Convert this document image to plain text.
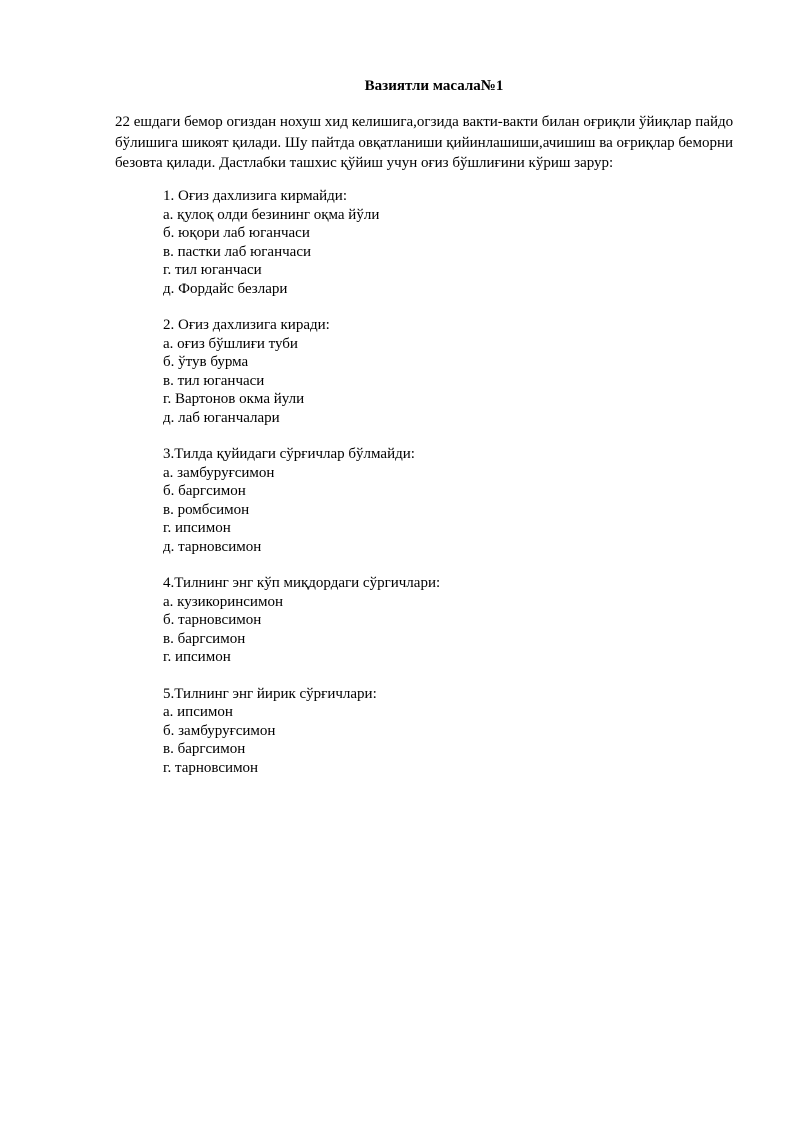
Вазиятли масала№1

22 ешдаги бемор огиздан нохуш хид келишига,огзида вакти-вакти билан оғриқли ўйиқлар пайдо бўлишига шикоят қилади. Шу пайтда овқатланиши қийинлашиши,ачишиш ва оғриқлар беморни безовта қилади. Дастлабки ташхис қўйиш учун оғиз бўшлиғини кўриш зарур:

1. Оғиз дахлизига кирмайди:
а. қулоқ олди безининг оқма йўли
б. юқори лаб юганчаси
в. пастки лаб юганчаси
г. тил юганчаси
д. Фордайс безлари
2. Оғиз дахлизига киради:
а. оғиз бўшлиғи туби
б. ўтув бурма
в. тил юганчаси
г. Вартонов окма йули
д. лаб юганчалари
3.Тилда қуйидаги сўрғичлар бўлмайди:
а. замбуруғсимон
б. баргсимон
в. ромбсимон
г. ипсимон
д. тарновсимон
4.Тилнинг энг кўп миқдордаги сўргичлари:
а. кузикоринсимон
б. тарновсимон
в. баргсимон
г. ипсимон
5.Тилнинг энг йирик сўрғичлари:
а. ипсимон
б. замбуруғсимон
в. баргсимон
г. тарновсимон
